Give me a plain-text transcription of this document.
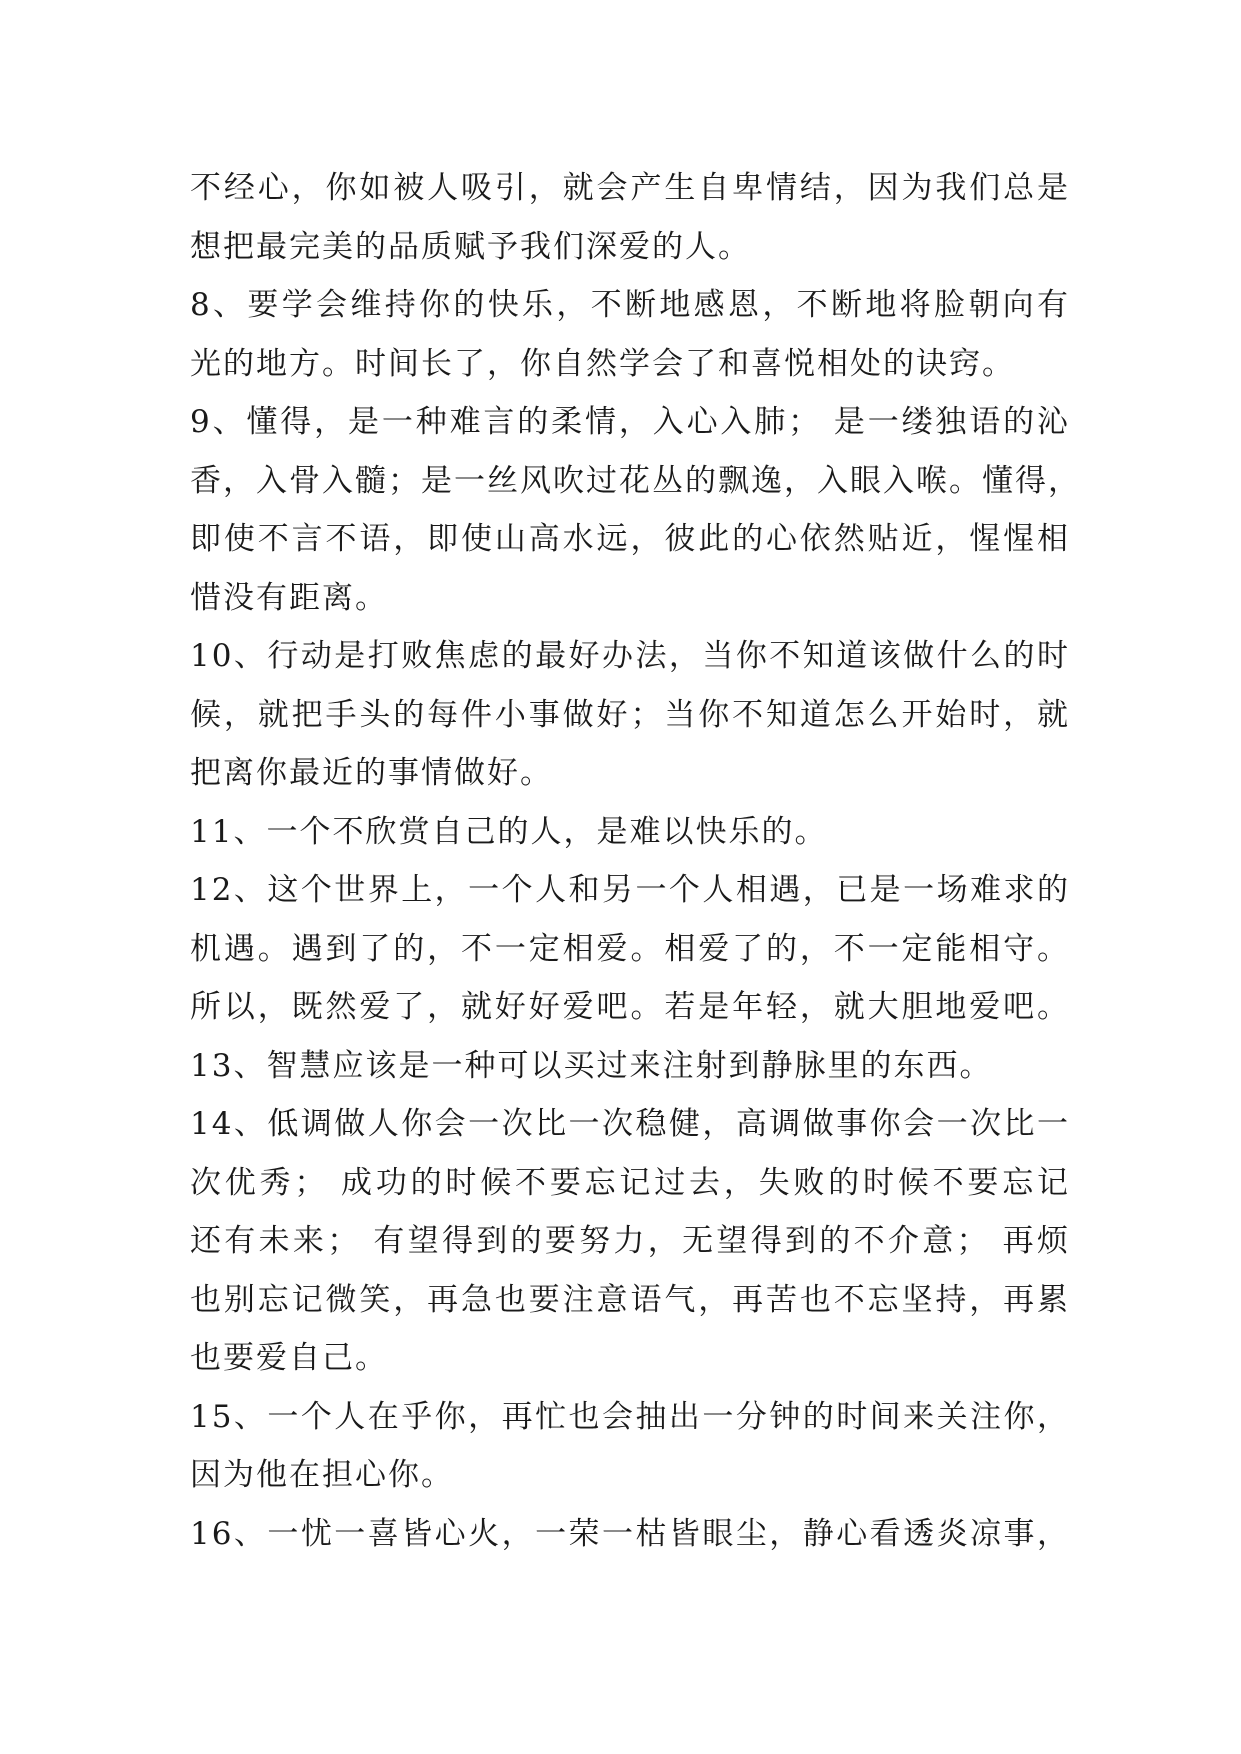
不经心，你如被人吸引，就会产生自卑情结，因为我们总是
想把最完美的品质赋予我们深爱的人。
8、要学会维持你的快乐，不断地感恩，不断地将脸朝向有
光的地方。时间长了，你自然学会了和喜悦相处的诀窍。
9、懂得，是一种难言的柔情，入心入肺； 是一缕独语的沁
香，入骨入髓；是一丝风吹过花丛的飘逸，入眼入喉。懂得，
即使不言不语，即使山高水远，彼此的心依然贴近，惺惺相
惜没有距离。
10、行动是打败焦虑的最好办法，当你不知道该做什么的时
候，就把手头的每件小事做好；当你不知道怎么开始时，就
把离你最近的事情做好。
11、一个不欣赏自己的人，是难以快乐的。
12、这个世界上，一个人和另一个人相遇，已是一场难求的
机遇。遇到了的，不一定相爱。相爱了的，不一定能相守。
所以，既然爱了，就好好爱吧。若是年轻，就大胆地爱吧。
13、智慧应该是一种可以买过来注射到静脉里的东西。
14、低调做人你会一次比一次稳健，高调做事你会一次比一
次优秀； 成功的时候不要忘记过去，失败的时候不要忘记
还有未来； 有望得到的要努力，无望得到的不介意； 再烦
也别忘记微笑，再急也要注意语气，再苦也不忘坚持，再累
也要爱自己。
15、一个人在乎你，再忙也会抽出一分钟的时间来关注你，
因为他在担心你。
16、一忧一喜皆心火，一荣一枯皆眼尘，静心看透炎凉事，
